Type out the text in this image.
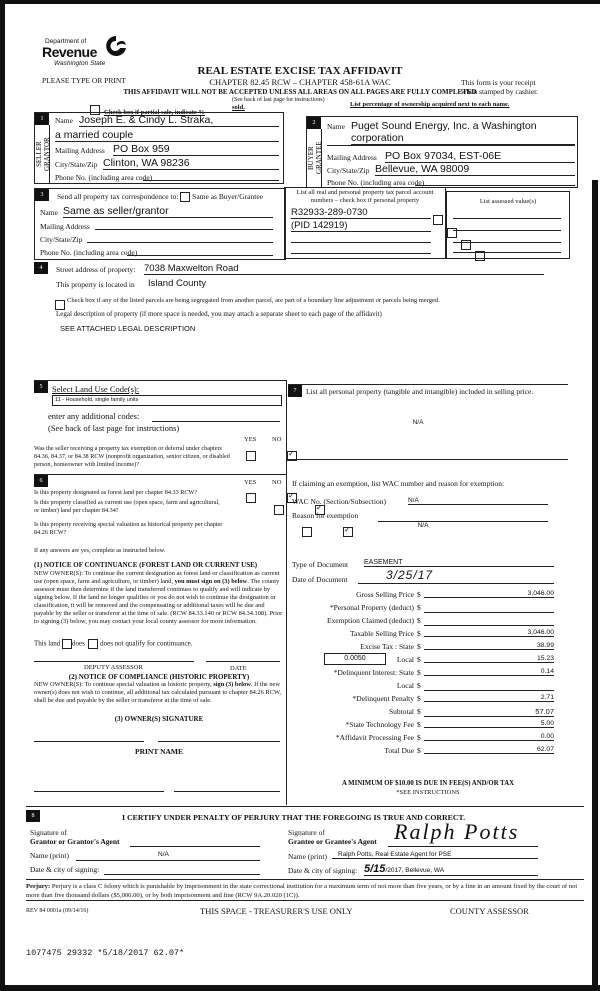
Department of
Revenue
Washington State
PLEASE TYPE OR PRINT
REAL ESTATE EXCISE TAX AFFIDAVIT
CHAPTER 82.45 RCW – CHAPTER 458-61A WAC
THIS AFFIDAVIT WILL NOT BE ACCEPTED UNLESS ALL AREAS ON ALL PAGES ARE FULLY COMPLETED
This form is your receipt
when stamped by cashier.
Check box if partial sale, indicate %
sold.
(See back of last page for instructions)
List percentage of ownership acquired next to each name.
1
SELLER GRANTOR
Name Joseph E. & Cindy L. Straka,
a married couple
Mailing Address PO Box 959
City/State/Zip Clinton, WA 98236
Phone No. (including area code)
2
BUYER GRANTEE
Name Puget Sound Energy, Inc. a Washington corporation
Mailing Address PO Box 97034, EST-06E
City/State/Zip Bellevue, WA 98009
Phone No. (including area code)
3	Send all property tax correspondence to: Same as Buyer/Grantee
Name Same as seller/grantor
Mailing Address
City/State/Zip
Phone No. (including area code)
List all real and personal property tax parcel account numbers – check box if personal property
R32933-289-0730

(PID 142919)

List assessed value(s)
4	Street address of property: 7038 Maxwelton Road
This property is located in Island County
Check box if any of the listed parcels are being segregated from another parcel, are part of a boundary line adjustment or parcels being merged.
Legal description of property (if more space is needed, you may attach a separate sheet to each page of the affidavit)
SEE ATTACHED LEGAL DESCRIPTION
5	Select Land Use Code(s):
11 - Household, single family units
enter any additional codes:
(See back of last page for instructions)
YES NO
Was the seller receiving a property tax exemption or deferral under chapters 84.36, 84.37, or 84.38 RCW (nonprofit organization, senior citizen, or disabled person, homeowner with limited income)?
✓
6	YES NO
Is this property designated as forest land per chapter 84.33 RCW?
✓
Is this property classified as current use (open space, farm and agricultural, or timber) land per chapter 84.34?
✓
Is this property receiving special valuation as historical property per chapter 84.26 RCW?
✓
If any answers are yes, complete as instructed below.
(1) NOTICE OF CONTINUANCE (FOREST LAND OR CURRENT USE)
NEW OWNER(S): To continue the current designation as forest land or classification as current use (open space, farm and agriculture, or timber) land, you must sign on (3) below. The county assessor must then determine if the land transferred continues to qualify and will indicate by signing below. If the land no longer qualifies or you do not wish to continue the designation or classification, it will be removed and the compensating or additional taxes will be due and payable by the seller or transferor at the time of sale. (RCW 84.33.140 or RCW 84.34.108). Prior to signing (3) below, you may contact your local county assessor for more information.
This land does does not qualify for continuance.
DEPUTY ASSESSOR	DATE
(2) NOTICE OF COMPLIANCE (HISTORIC PROPERTY)
NEW OWNER(S): To continue special valuation as historic property, sign (3) below. If the new owner(s) does not wish to continue, all additional tax calculated pursuant to chapter 84.26 RCW, shall be due and payable by the seller or transferor at the time of sale.
(3) OWNER(S) SIGNATURE
PRINT NAME
7	List all personal property (tangible and intangible) included in selling price.
N/A
If claiming an exemption, list WAC number and reason for exemption:
WAC No. (Section/Subsection)	N/A
Reason for exemption
N/A
Type of Document EASEMENT
Date of Document	3/25/17
Gross Selling Price $	3,046.00
*Personal Property (deduct) $
Exemption Claimed (deduct) $
Taxable Selling Price $	3,046.00
Excise Tax : State $	38.99
0.0050	Local $	15.23
*Delinquent Interest: State $	0.14
Local $
*Delinquent Penalty $	2.71
Subtotal $	57.07
*State Technology Fee $	5.00
*Affidavit Processing Fee $	0.00
Total Due $	62.07
A MINIMUM OF $10.00 IS DUE IN FEE(S) AND/OR TAX
*SEE INSTRUCTIONS
8	I CERTIFY UNDER PENALTY OF PERJURY THAT THE FOREGOING IS TRUE AND CORRECT.
Signature of
Grantor or Grantor's Agent
Name (print)	N/A
Date & city of signing:
Signature of
Grantee or Grantee's Agent Ralph Potts
Name (print)	Ralph Potts, Real Estate Agent for PSE
Date & city of signing: 5/15/2017, Bellevue, WA
Perjury: Perjury is a class C felony which is punishable by imprisonment in the state correctional institution for a maximum term of not more than five years, or by a fine in an amount fixed by the court of not more than five thousand dollars ($5,000.00), or by both imprisonment and fine (RCW 9A.20.020 (1C)).
REV 84 0001a (09/14/16)	THIS SPACE - TREASURER'S USE ONLY	COUNTY ASSESSOR
1077475 29332 *5/18/2017 62.07*
